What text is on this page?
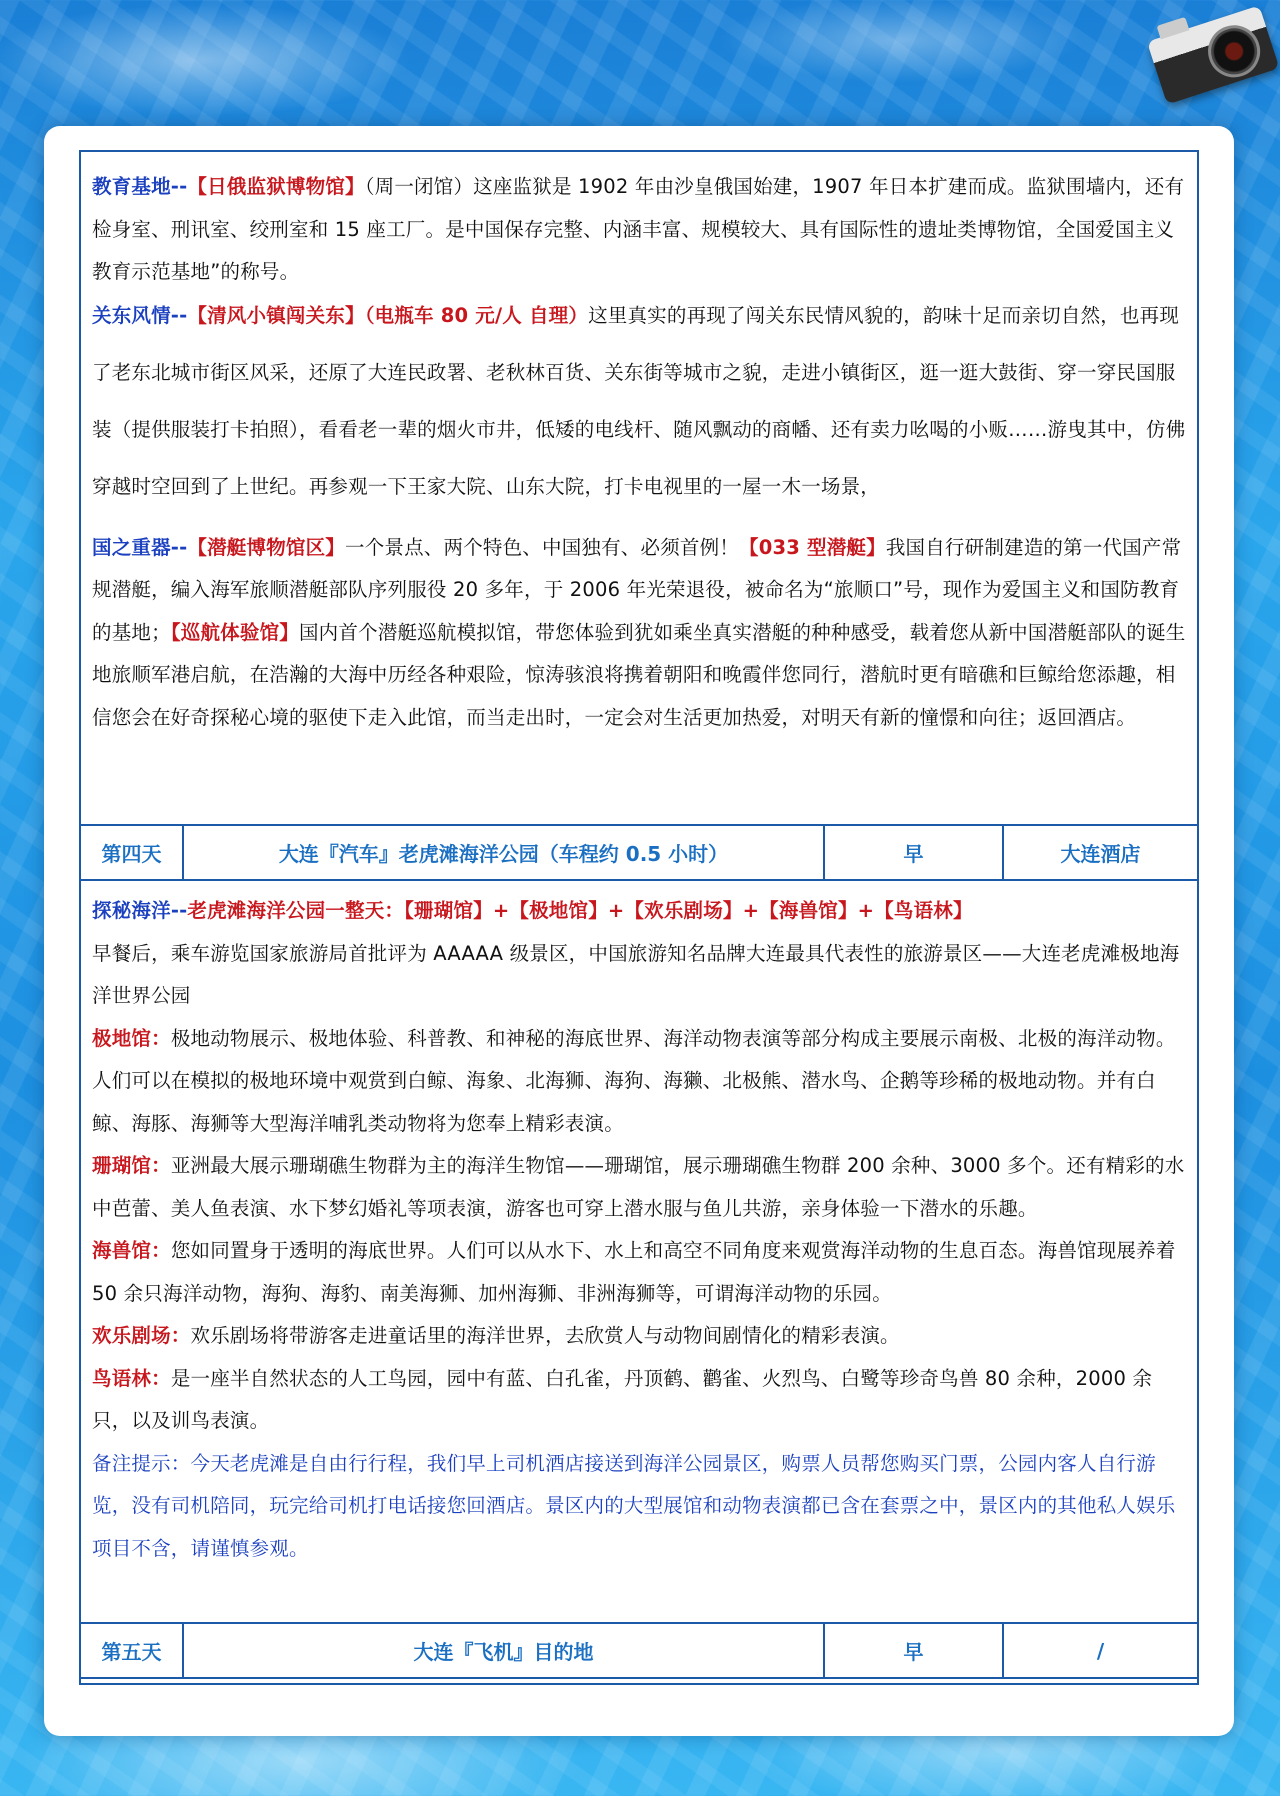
教育基地--【日俄监狱博物馆】（周一闭馆）这座监狱是 1902 年由沙皇俄国始建，1907 年日本扩建而成。监狱围墙内，还有检身室、刑讯室、绞刑室和 15 座工厂。是中国保存完整、内涵丰富、规模较大、具有国际性的遗址类博物馆，全国爱国主义教育示范基地”的称号。

关东风情--【清风小镇闯关东】（电瓶车 80 元/人 自理）这里真实的再现了闯关东民情风貌的，韵味十足而亲切自然，也再现了老东北城市街区风采，还原了大连民政署、老秋林百货、关东街等城市之貌，走进小镇街区，逛一逛大鼓街、穿一穿民国服装（提供服装打卡拍照），看看老一辈的烟火市井，低矮的电线杆、随风飘动的商幡、还有卖力吆喝的小贩……游曳其中，仿佛穿越时空回到了上世纪。再参观一下王家大院、山东大院，打卡电视里的一屋一木一场景，

国之重器--【潜艇博物馆区】一个景点、两个特色、中国独有、必须首例！【033 型潜艇】我国自行研制建造的第一代国产常规潜艇，编入海军旅顺潜艇部队序列服役 20 多年，于 2006 年光荣退役，被命名为“旅顺口”号，现作为爱国主义和国防教育的基地；【巡航体验馆】国内首个潜艇巡航模拟馆，带您体验到犹如乘坐真实潜艇的种种感受，载着您从新中国潜艇部队的诞生地旅顺军港启航，在浩瀚的大海中历经各种艰险，惊涛骇浪将携着朝阳和晚霞伴您同行，潜航时更有暗礁和巨鲸给您添趣，相信您会在好奇探秘心境的驱使下走入此馆，而当走出时，一定会对生活更加热爱，对明天有新的憧憬和向往；返回酒店。

第四天	大连『汽车』老虎滩海洋公园（车程约 0.5 小时）	早	大连酒店

探秘海洋--老虎滩海洋公园一整天：【珊瑚馆】+【极地馆】+【欢乐剧场】+【海兽馆】+【鸟语林】

早餐后，乘车游览国家旅游局首批评为 AAAAA 级景区，中国旅游知名品牌大连最具代表性的旅游景区——大连老虎滩极地海洋世界公园

极地馆：极地动物展示、极地体验、科普教、和神秘的海底世界、海洋动物表演等部分构成主要展示南极、北极的海洋动物。人们可以在模拟的极地环境中观赏到白鲸、海象、北海狮、海狗、海獭、北极熊、潜水鸟、企鹅等珍稀的极地动物。并有白鲸、海豚、海狮等大型海洋哺乳类动物将为您奉上精彩表演。

珊瑚馆：亚洲最大展示珊瑚礁生物群为主的海洋生物馆——珊瑚馆，展示珊瑚礁生物群 200 余种、3000 多个。还有精彩的水中芭蕾、美人鱼表演、水下梦幻婚礼等项表演，游客也可穿上潜水服与鱼儿共游，亲身体验一下潜水的乐趣。

海兽馆：您如同置身于透明的海底世界。人们可以从水下、水上和高空不同角度来观赏海洋动物的生息百态。海兽馆现展养着 50 余只海洋动物，海狗、海豹、南美海狮、加州海狮、非洲海狮等，可谓海洋动物的乐园。

欢乐剧场：欢乐剧场将带游客走进童话里的海洋世界，去欣赏人与动物间剧情化的精彩表演。

鸟语林：是一座半自然状态的人工鸟园，园中有蓝、白孔雀，丹顶鹤、鹳雀、火烈鸟、白鹭等珍奇鸟兽 80 余种，2000 余只，以及训鸟表演。

备注提示：今天老虎滩是自由行行程，我们早上司机酒店接送到海洋公园景区，购票人员帮您购买门票，公园内客人自行游览，没有司机陪同，玩完给司机打电话接您回酒店。景区内的大型展馆和动物表演都已含在套票之中，景区内的其他私人娱乐项目不含，请谨慎参观。

第五天	大连『飞机』目的地	早	/
